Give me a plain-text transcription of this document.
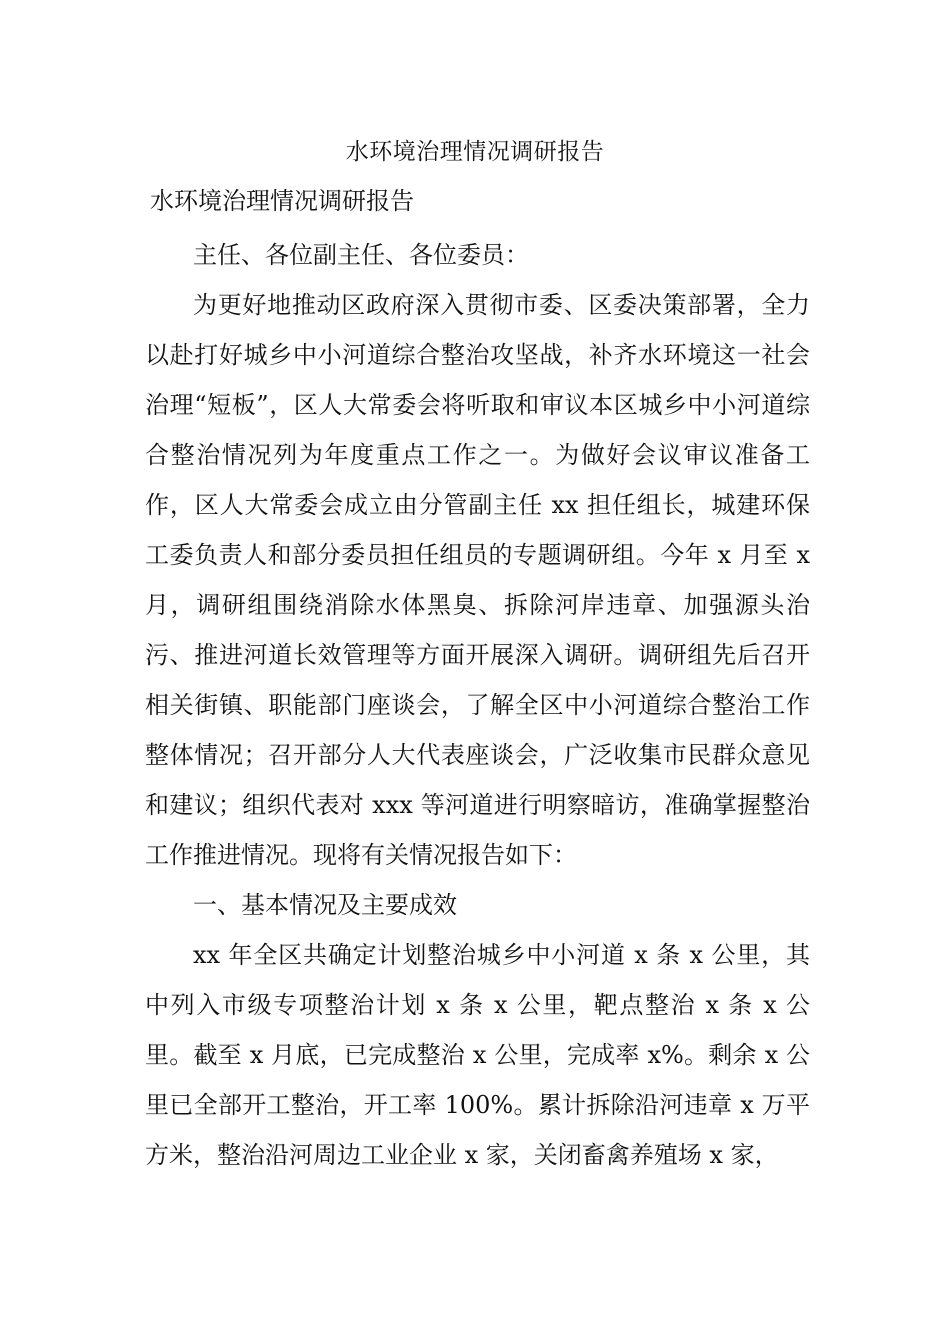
水环境治理情况调研报告
水环境治理情况调研报告

主任、各位副主任、各位委员：

为更好地推动区政府深入贯彻市委、区委决策部署，全力以赴打好城乡中小河道综合整治攻坚战，补齐水环境这一社会治理“短板”，区人大常委会将听取和审议本区城乡中小河道综合整治情况列为年度重点工作之一。为做好会议审议准备工作，区人大常委会成立由分管副主任 xx 担任组长，城建环保工委负责人和部分委员担任组员的专题调研组。今年 x 月至 x 月，调研组围绕消除水体黑臭、拆除河岸违章、加强源头治污、推进河道长效管理等方面开展深入调研。调研组先后召开相关街镇、职能部门座谈会，了解全区中小河道综合整治工作整体情况；召开部分人大代表座谈会，广泛收集市民群众意见和建议；组织代表对 xxx 等河道进行明察暗访，准确掌握整治工作推进情况。现将有关情况报告如下：

一、基本情况及主要成效

xx 年全区共确定计划整治城乡中小河道 x 条 x 公里，其中列入市级专项整治计划 x 条 x 公里，靶点整治 x 条 x 公里。截至 x 月底，已完成整治 x 公里，完成率 x%。剩余 x 公里已全部开工整治，开工率 100%。累计拆除沿河违章 x 万平方米，整治沿河周边工业企业 x 家，关闭畜禽养殖场 x 家，
